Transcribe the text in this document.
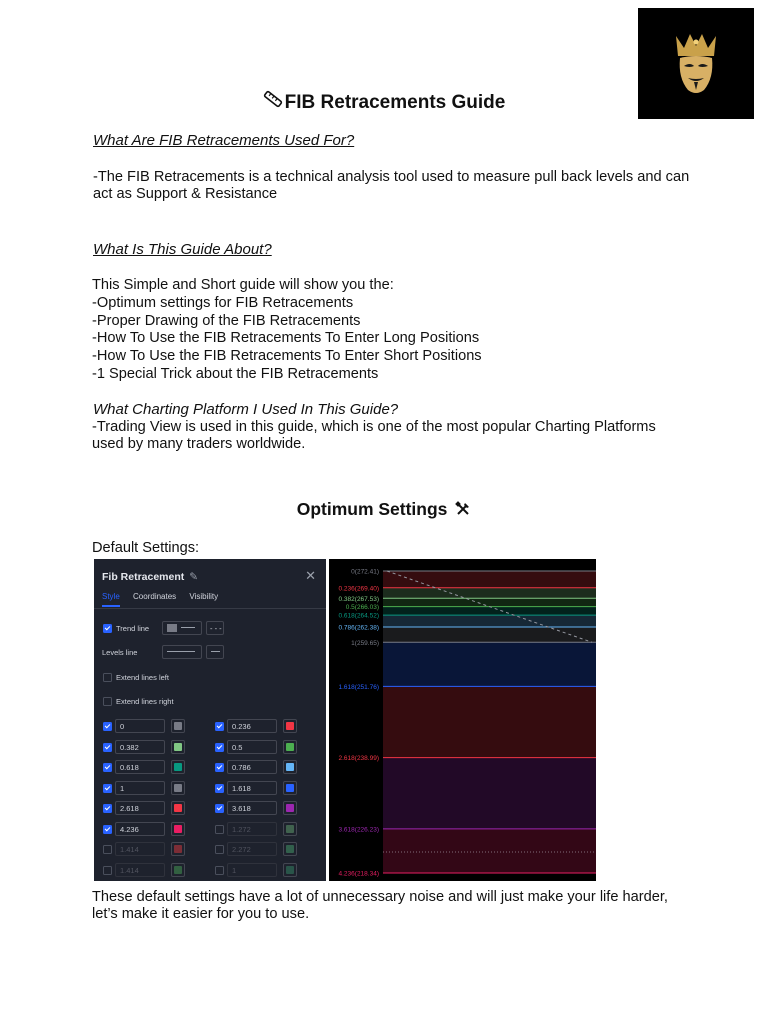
FIB Retracements Guide
What Are FIB Retracements Used For?
-The FIB Retracements is a technical analysis tool used to measure pull back levels and can
act as Support & Resistance
What Is This Guide About?
This Simple and Short guide will show you the:
-Optimum settings for FIB Retracements
-Proper Drawing of the FIB Retracements
-How To Use the FIB Retracements To Enter Long Positions
-How To Use the FIB Retracements To Enter Short Positions
-1 Special Trick about the FIB Retracements
What Charting Platform I Used In This Guide?
-Trading View is used in this guide, which is one of the most popular Charting Platforms
used by many traders worldwide.
Optimum Settings
Default Settings:
Fib Retracement ✎	✕
Style Coordinates Visibility
Trend line
	- - -
Levels line
Extend lines left
Extend lines right
0
0.382
0.618
1
2.618
4.236
1.414
1.414
0.236
0.5
0.786
1.618
3.618
1.272
2.272
1
0(272.41)
0.236(269.40)
0.382(267.53)
0.5(266.03)
0.618(264.52)
0.786(262.38)
1(259.65)
1.618(251.76)
2.618(238.99)
3.618(226.23)
4.236(218.34)
These default settings have a lot of unnecessary noise and will just make your life harder,
let’s make it easier for you to use.
